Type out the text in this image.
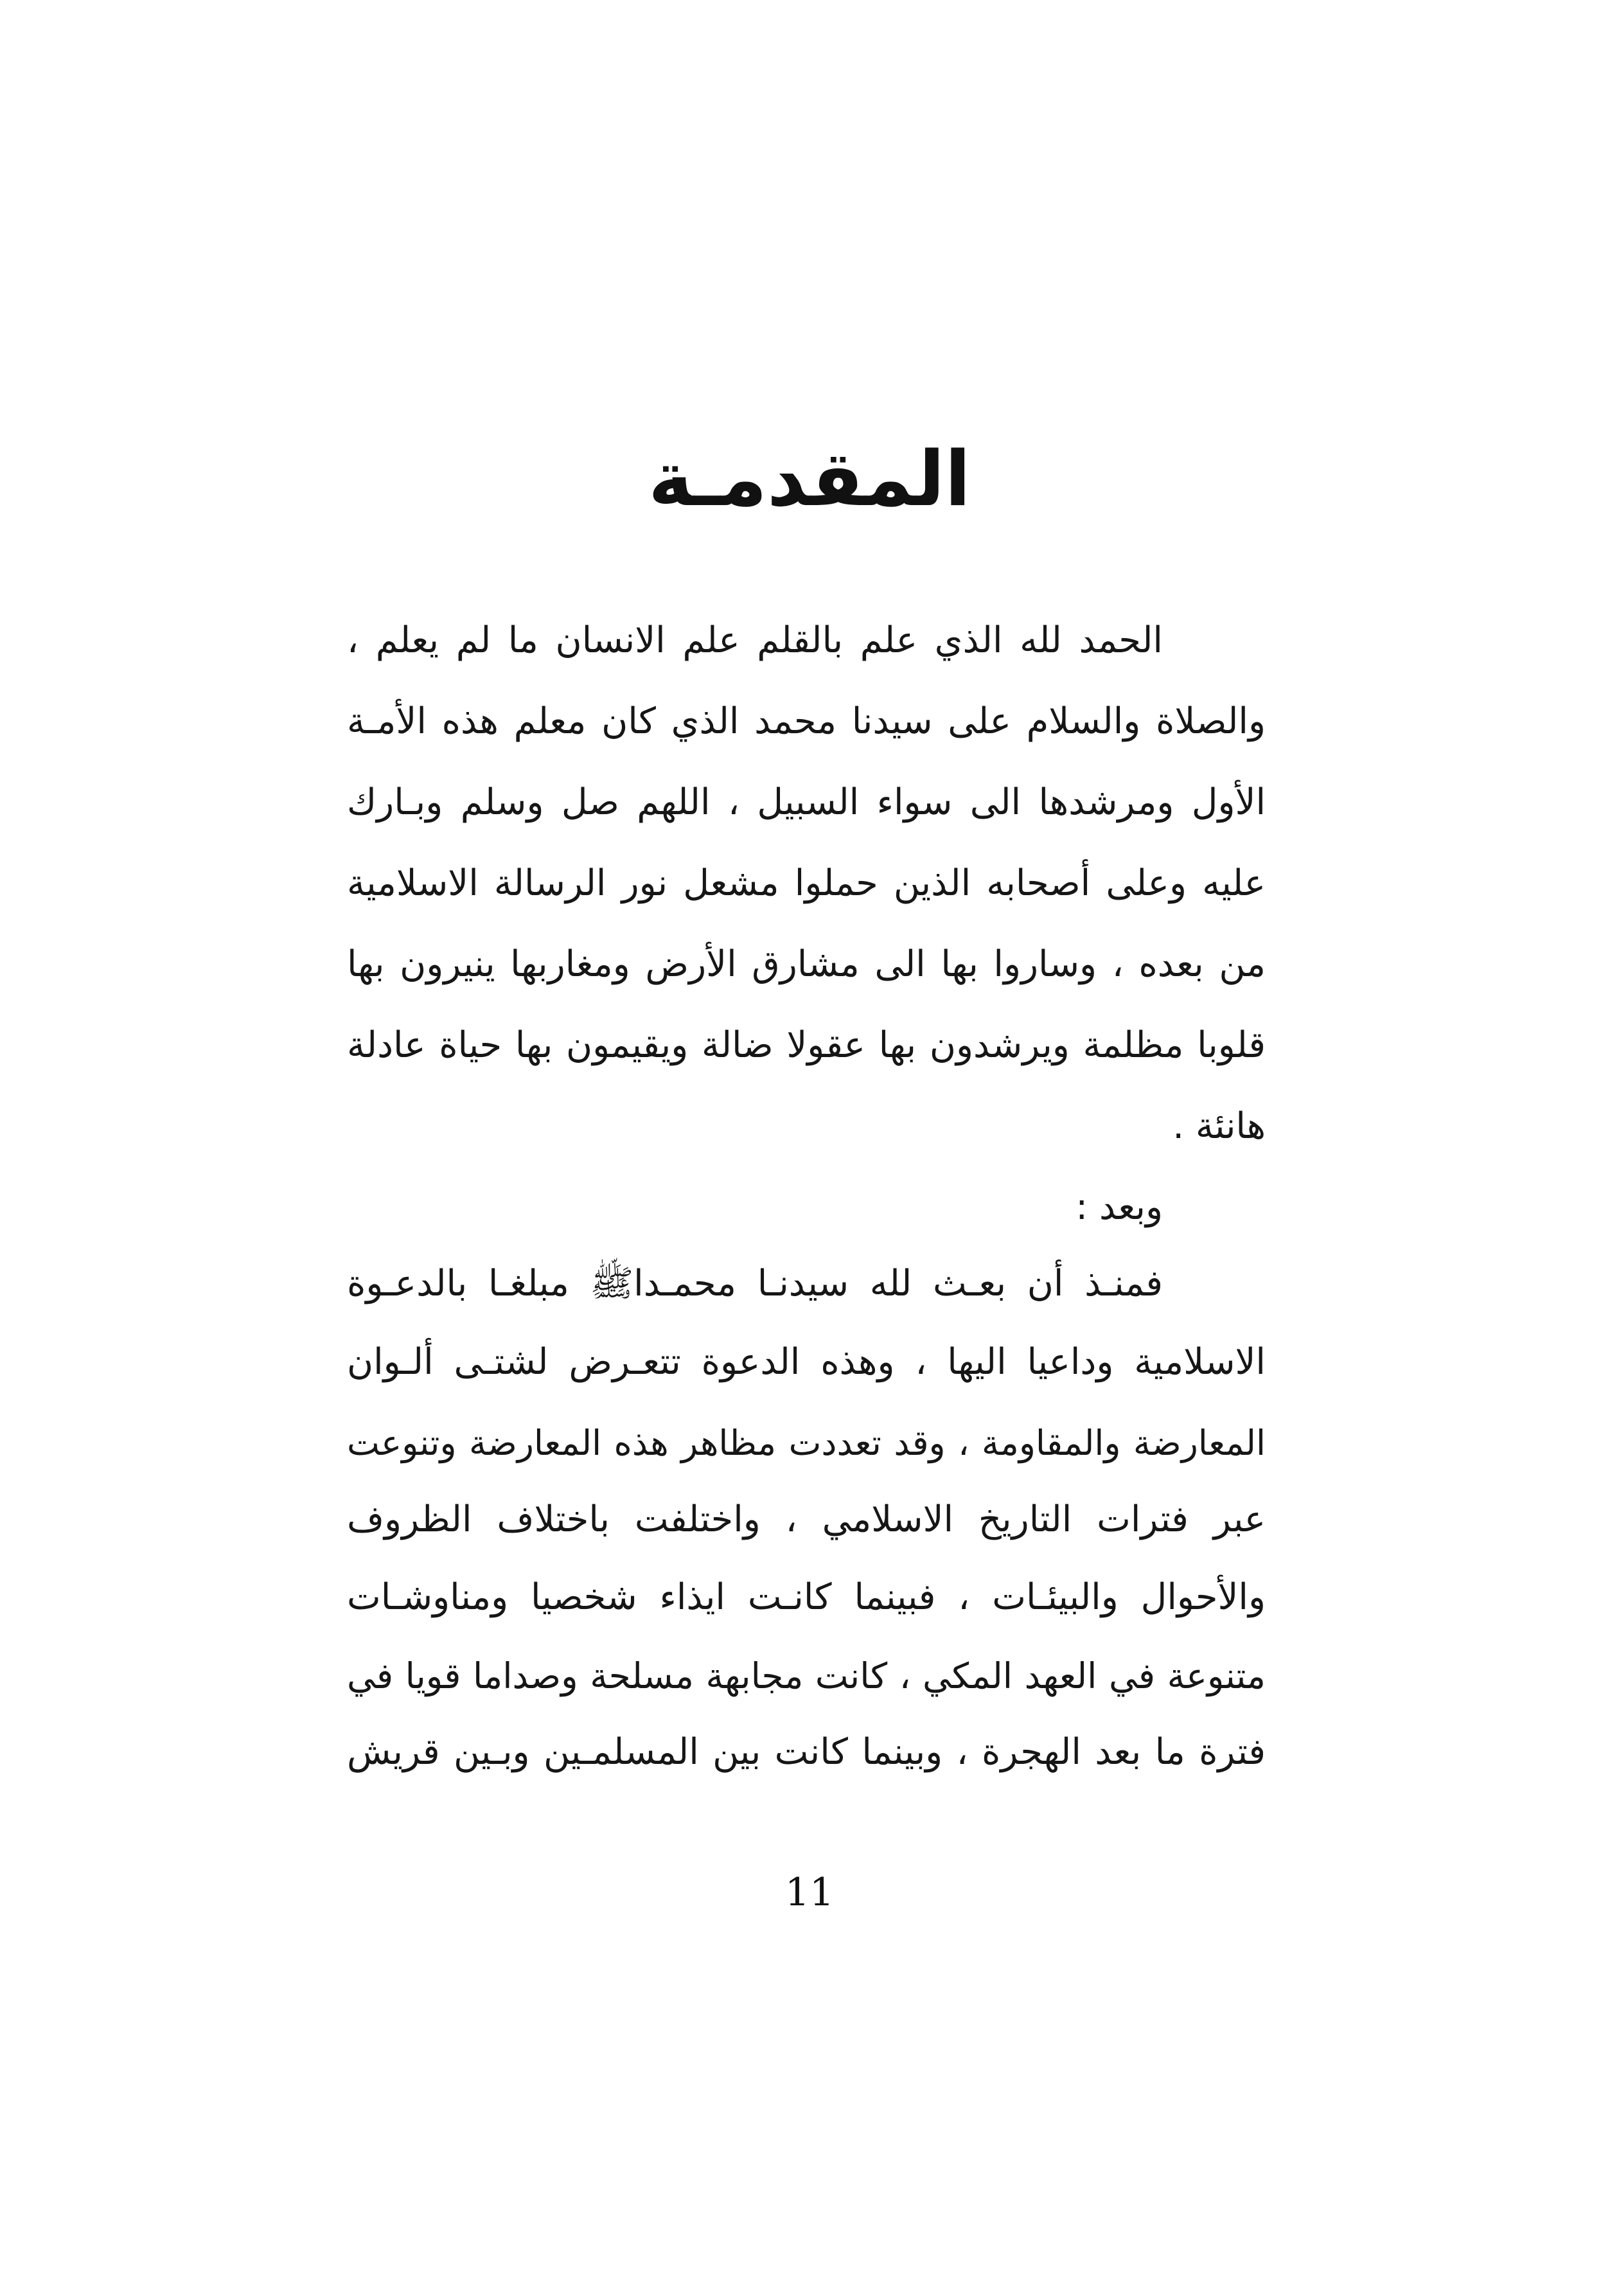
المقدمـة
الحمد لله الذي علم بالقلم علم الانسان ما لم يعلم ،
والصلاة والسلام على سيدنا محمد الذي كان معلم هذه الأمـة
الأول ومرشدها الى سواء السبيل ، اللهم صل وسلم وبـارك
عليه وعلى أصحابه الذين حملوا مشعل نور الرسالة الاسلامية
من بعده ، وساروا بها الى مشارق الأرض ومغاربها ينيرون بها
قلوبا مظلمة ويرشدون بها عقولا ضالة ويقيمون بها حياة عادلة
هانئة .
وبعد :
فمنـذ أن بعـث لله سيدنـا محمـداﷺ مبلغـا بالدعـوة
الاسلامية وداعيا اليها ، وهذه الدعوة تتعـرض لشتـى ألـوان
المعارضة والمقاومة ، وقد تعددت مظاهر هذه المعارضة وتنوعت
عبر فترات التاريخ الاسلامي ، واختلفت باختلاف الظروف
والأحوال والبيئـات ، فبينما كانـت ايذاء شخصيا ومناوشـات
متنوعة في العهد المكي ، كانت مجابهة مسلحة وصداما قويا في
فترة ما بعد الهجرة ، وبينما كانت بين المسلمـين وبـين قريش
11
